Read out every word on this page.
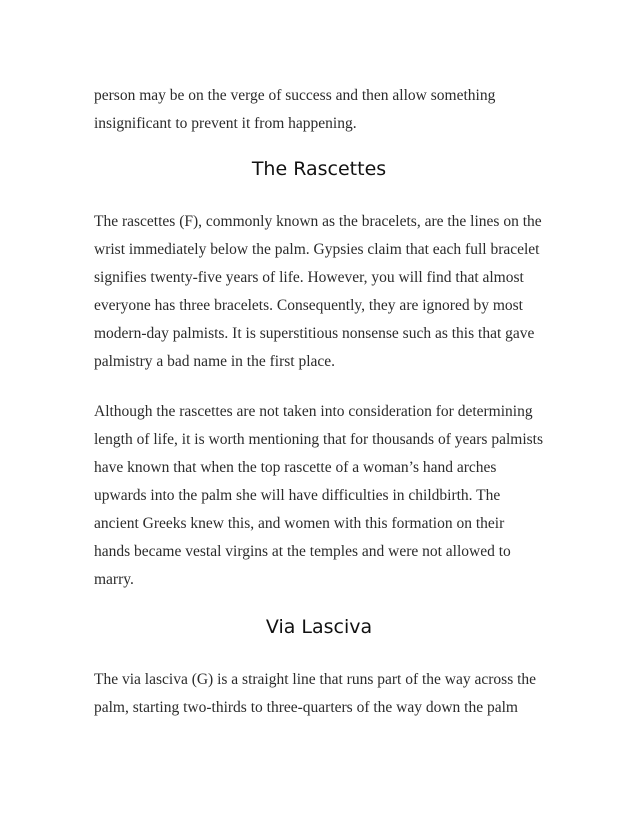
person may be on the verge of success and then allow something

insignificant to prevent it from happening.

The Rascettes

The rascettes (F), commonly known as the bracelets, are the lines on the

wrist immediately below the palm. Gypsies claim that each full bracelet

signifies twenty-five years of life. However, you will find that almost

everyone has three bracelets. Consequently, they are ignored by most

modern-day palmists. It is superstitious nonsense such as this that gave

palmistry a bad name in the first place.

Although the rascettes are not taken into consideration for determining

length of life, it is worth mentioning that for thousands of years palmists

have known that when the top rascette of a woman’s hand arches

upwards into the palm she will have difficulties in childbirth. The

ancient Greeks knew this, and women with this formation on their

hands became vestal virgins at the temples and were not allowed to

marry.

Via Lasciva

The via lasciva (G) is a straight line that runs part of the way across the

palm, starting two-thirds to three-quarters of the way down the palm
